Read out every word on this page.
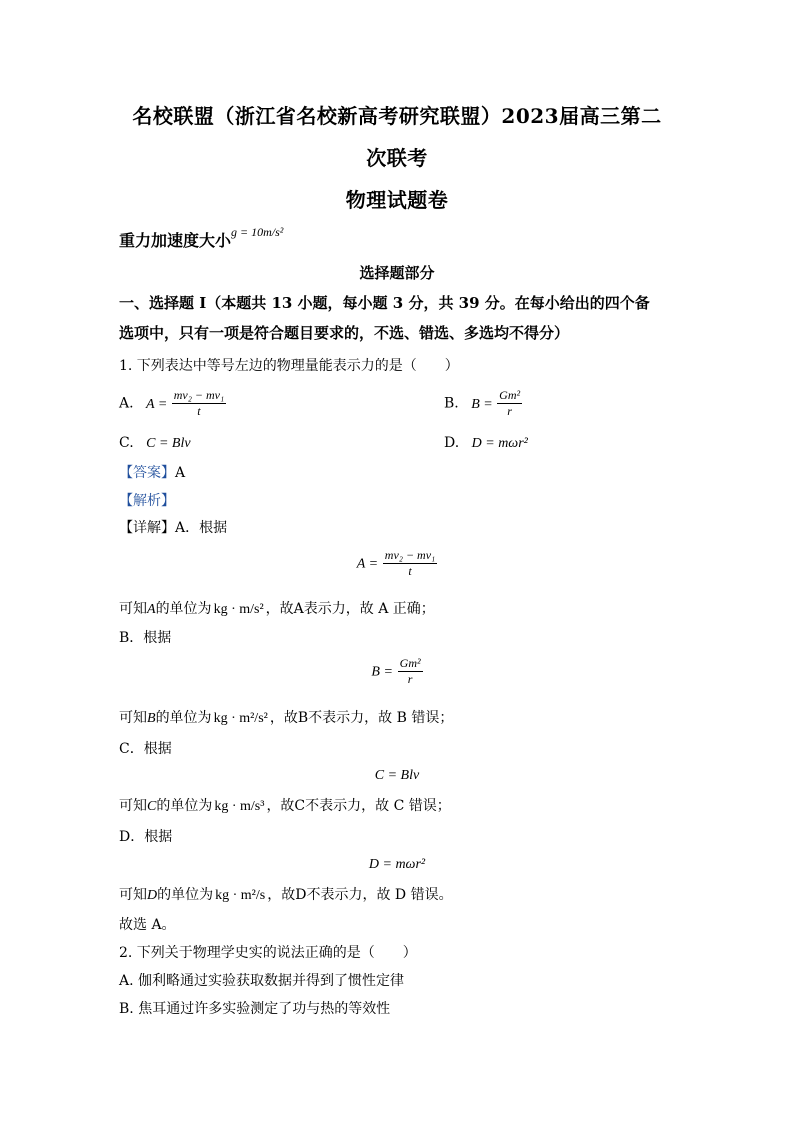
名校联盟（浙江省名校新高考研究联盟）2023届高三第二
次联考
物理试题卷
重力加速度大小$^{g = 10m/s^2}$
选择题部分
一、选择题 I（本题共 13 小题，每小题 3 分，共 39 分。在每小给出的四个备
选项中，只有一项是符合题目要求的，不选、错选、多选均不得分）
1. 下列表达中等号左边的物理量能表示力的是（　　）
A. $A = \frac{\text{mv₂ − mv₁}}{t}$	B. $B = \frac{\text{Gm²}}{r}$
C. C = Blv	D. D = mωr²
【答案】A
【解析】
【详解】A．根据
$A = \frac{\text{mv₂ − mv₁}}{t}$
可知A的单位为 kg · m/s² ，故A表示力，故 A 正确；
B．根据
$B = \frac{\text{Gm²}}{r}$
可知B的单位为 kg · m²/s² ，故B不表示力，故 B 错误；
C．根据
C = Blv
可知C的单位为 kg · m/s³ ，故C不表示力，故 C 错误；
D．根据
D = mωr²
可知D的单位为 kg · m²/s ，故D不表示力，故 D 错误。
故选 A。
2. 下列关于物理学史实的说法正确的是（　　）
A. 伽利略通过实验获取数据并得到了惯性定律
B. 焦耳通过许多实验测定了功与热的等效性
